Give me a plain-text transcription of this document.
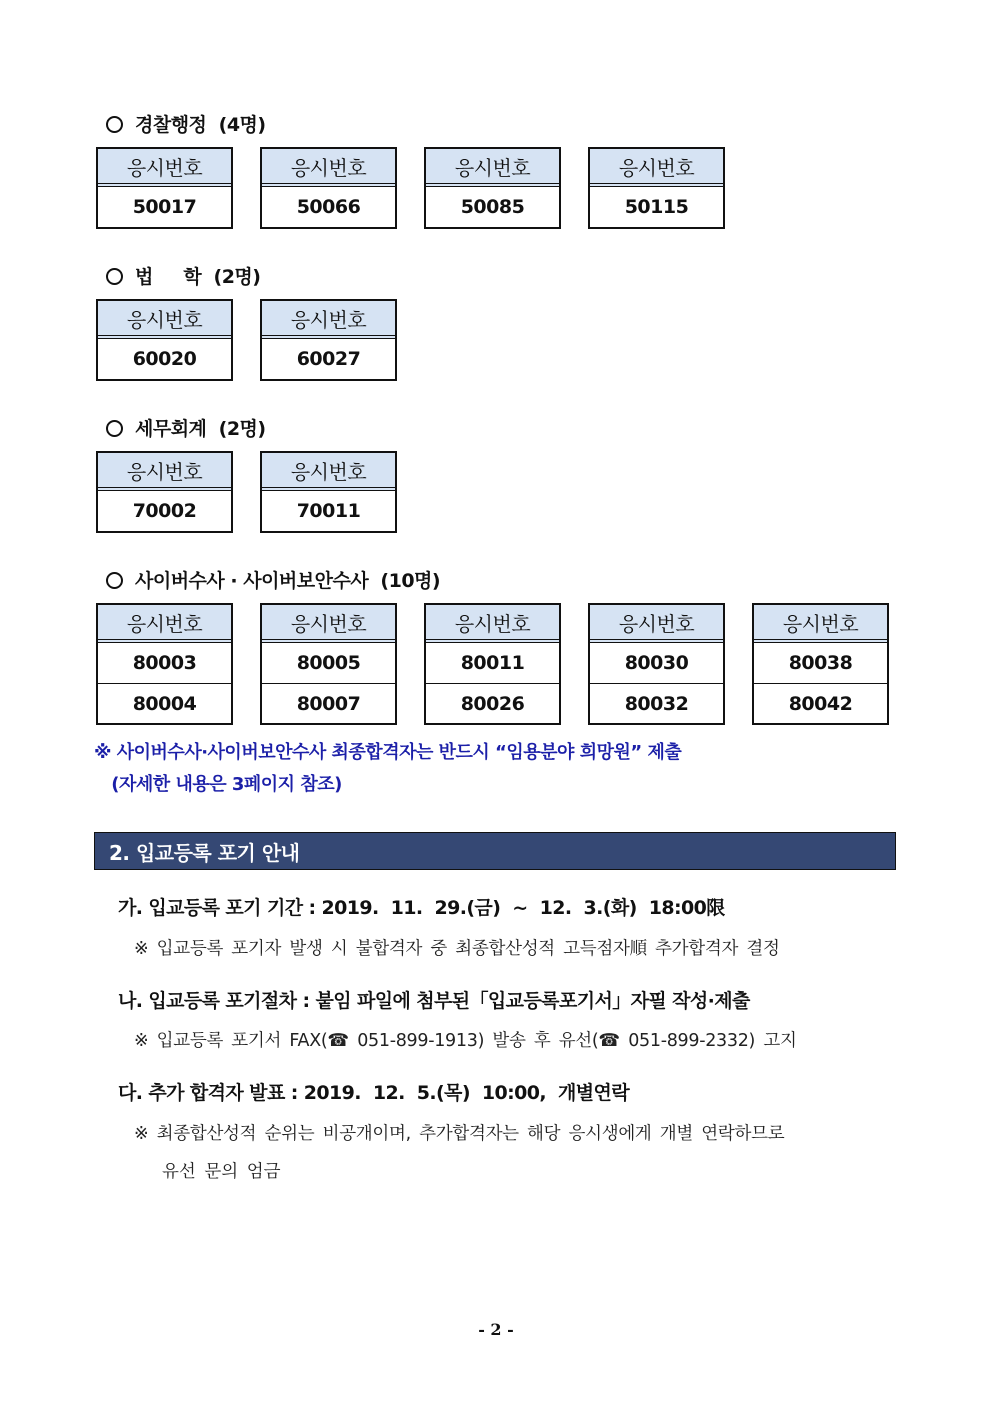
경찰행정  (4명)
응시번호
50017
응시번호
50066
응시번호
50085
응시번호
50115
법     학  (2명)
응시번호
60020
응시번호
60027
세무회계  (2명)
응시번호
70002
응시번호
70011
사이버수사 · 사이버보안수사  (10명)
응시번호
80003
80004
응시번호
80005
80007
응시번호
80011
80026
응시번호
80030
80032
응시번호
80038
80042
※ 사이버수사·사이버보안수사 최종합격자는 반드시 “임용분야 희망원” 제출
(자세한 내용은 3페이지 참조)
2. 입교등록 포기 안내
가. 입교등록 포기 기간 : 2019.  11.  29.(금)  ~  12.  3.(화)  18:00限
※ 입교등록 포기자 발생 시 불합격자 중 최종합산성적 고득점자順 추가합격자 결정
나. 입교등록 포기절차 : 붙임 파일에 첨부된「입교등록포기서」자필 작성·제출
※ 입교등록 포기서 FAX(☎ 051-899-1913) 발송 후 유선(☎ 051-899-2332) 고지
다. 추가 합격자 발표 : 2019.  12.  5.(목)  10:00,  개별연락
※ 최종합산성적 순위는 비공개이며, 추가합격자는 해당 응시생에게 개별 연락하므로
유선 문의 엄금
- 2 -
